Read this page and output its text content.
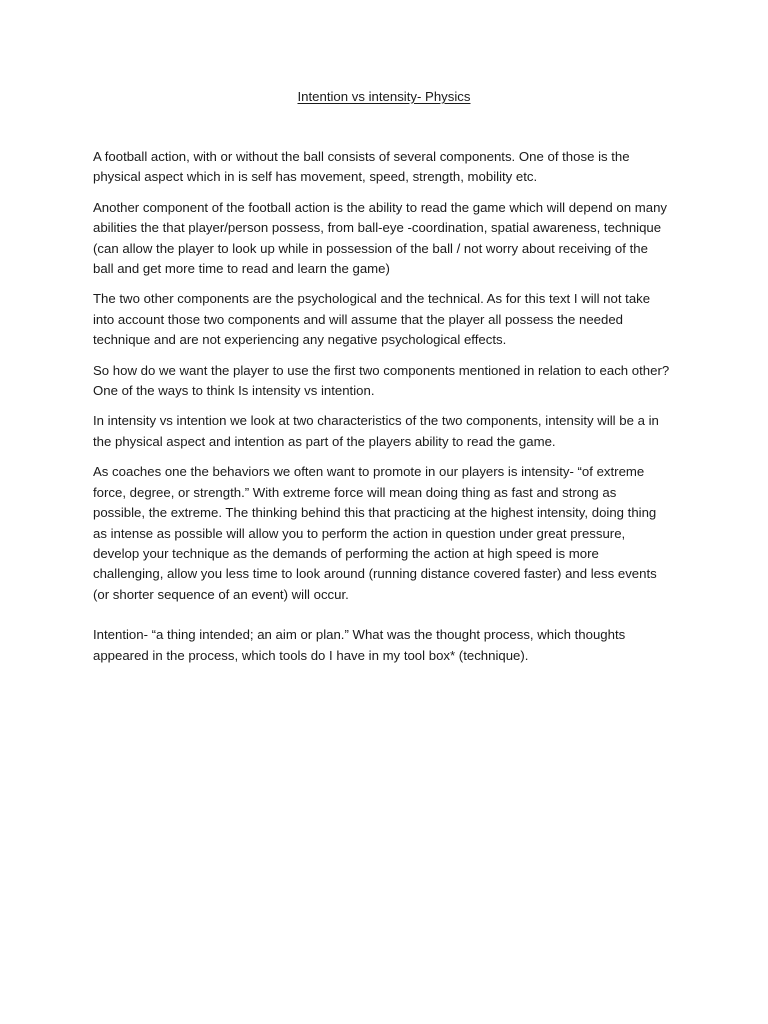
Intention vs intensity- Physics

A football action, with or without the ball consists of several components. One of those is the physical aspect which in is self has movement, speed, strength, mobility etc.

Another component of the football action is the ability to read the game which will depend on many abilities the that player/person possess, from ball-eye -coordination, spatial awareness, technique (can allow the player to look up while in possession of the ball / not worry about receiving of the ball and get more time to read and learn the game)

The two other components are the psychological and the technical. As for this text I will not take into account those two components and will assume that the player all possess the needed technique and are not experiencing any negative psychological effects.

So how do we want the player to use the first two components mentioned in relation to each other? One of the ways to think Is intensity vs intention.

In intensity vs intention we look at two characteristics of the two components, intensity will be a in the physical aspect and intention as part of the players ability to read the game.

As coaches one the behaviors we often want to promote in our players is intensity- “of extreme force, degree, or strength.” With extreme force will mean doing thing as fast and strong as possible, the extreme. The thinking behind this that practicing at the highest intensity, doing thing as intense as possible will allow you to perform the action in question under great pressure, develop your technique as the demands of performing the action at high speed is more challenging, allow you less time to look around (running distance covered faster) and less events (or shorter sequence of an event) will occur.

Intention- “a thing intended; an aim or plan.” What was the thought process, which thoughts appeared in the process, which tools do I have in my tool box* (technique).
